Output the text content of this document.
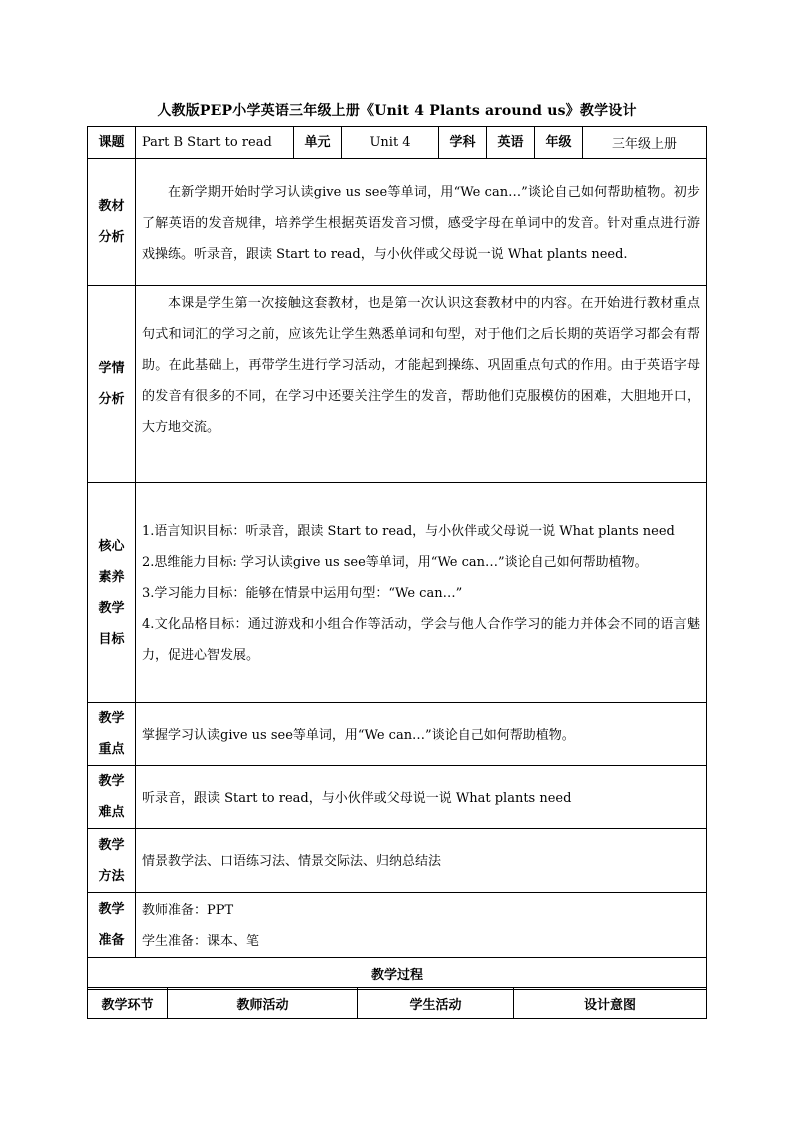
人教版PEP小学英语三年级上册《Unit 4 Plants around us》教学设计
课题	Part B Start to read	单元	Unit 4	学科	英语	年级	三年级上册

教材
分析	在新学期开始时学习认读give us see等单词，用“We can…”谈论自己如何帮助植物。初步了解英语的发音规律，培养学生根据英语发音习惯，感受字母在单词中的发音。针对重点进行游戏操练。听录音，跟读 Start to read，与小伙伴或父母说一说 What plants need.						

学情
分析	本课是学生第一次接触这套教材，也是第一次认识这套教材中的内容。在开始进行教材重点句式和词汇的学习之前，应该先让学生熟悉单词和句型，对于他们之后长期的英语学习都会有帮助。在此基础上，再带学生进行学习活动，才能起到操练、巩固重点句式的作用。由于英语字母的发音有很多的不同，在学习中还要关注学生的发音，帮助他们克服模仿的困难，大胆地开口，大方地交流。						

核心
素养
教学
目标	1.语言知识目标：听录音，跟读 Start to read，与小伙伴或父母说一说 What plants need
2.思维能力目标: 学习认读give us see等单词，用“We can…”谈论自己如何帮助植物。
3.学习能力目标：能够在情景中运用句型：“We can…”
4.文化品格目标：通过游戏和小组合作等活动，学会与他人合作学习的能力并体会不同的语言魅力，促进心智发展。						

教学
重点	掌握学习认读give us see等单词，用“We can…”谈论自己如何帮助植物。						

教学
难点	听录音，跟读 Start to read，与小伙伴或父母说一说 What plants need						

教学
方法	情景教学法、口语练习法、情景交际法、归纳总结法						

教学
准备	教师准备：PPT
学生准备：课本、笔						

教学过程							
教学环节	教师活动	学生活动	设计意图
